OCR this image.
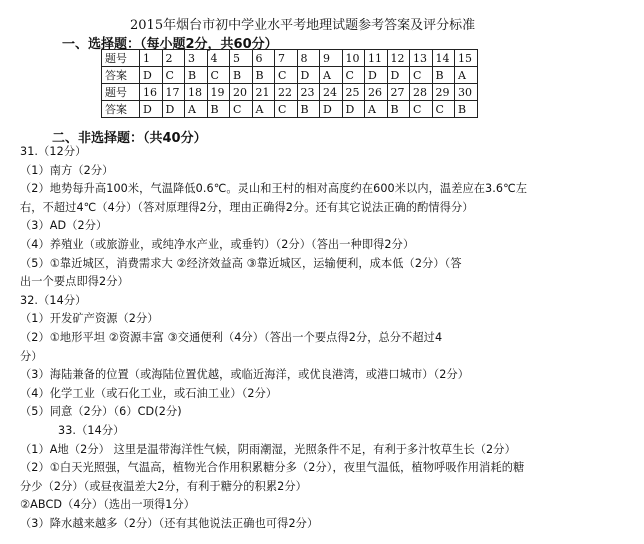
2015年烟台市初中学业水平考地理试题参考答案及评分标准
一、选择题：（每小题2分，共60分）
题号	1	2	3	4	5	6	7	8	9	10	11	12	13	14	15
答案	D	C	B	C	B	B	C	D	A	C	D	D	C	B	A
题号	16	17	18	19	20	21	22	23	24	25	26	27	28	29	30
答案	D	D	A	B	C	A	C	B	D	D	A	B	C	C	B
二、非选择题：（共40分）
31.（12分）
（1）南方（2分）
（2）地势每升高100米，气温降低0.6℃。灵山和王村的相对高度约在600米以内，温差应在3.6℃左
右，不超过4℃（4分）（答对原理得2分，理由正确得2分。还有其它说法正确的酌情得分）
（3）AD（2分）
（4）养殖业（或旅游业，或纯净水产业，或垂钓）（2分）（答出一种即得2分）
（5）①靠近城区，消费需求大 ②经济效益高 ③靠近城区，运输便利，成本低（2分）（答
出一个要点即得2分）
32.（14分）
（1）开发矿产资源（2分）
（2）①地形平坦 ②资源丰富 ③交通便利（4分）（答出一个要点得2分，总分不超过4
分）
（3）海陆兼备的位置（或海陆位置优越，或临近海洋，或优良港湾，或港口城市）（2分）
（4）化学工业（或石化工业，或石油工业）（2分）
（5）同意（2分）（6）CD(2分)
33.（14分）
（1）A地（2分） 这里是温带海洋性气候，阴雨潮湿，光照条件不足，有利于多汁牧草生长（2分）
（2）①白天光照强，气温高，植物光合作用积累糖分多（2分），夜里气温低，植物呼吸作用消耗的糖
分少（2分）（或昼夜温差大2分，有利于糖分的积累2分）
②ABCD（4分）（选出一项得1分）
（3）降水越来越多（2分）（还有其他说法正确也可得2分）
